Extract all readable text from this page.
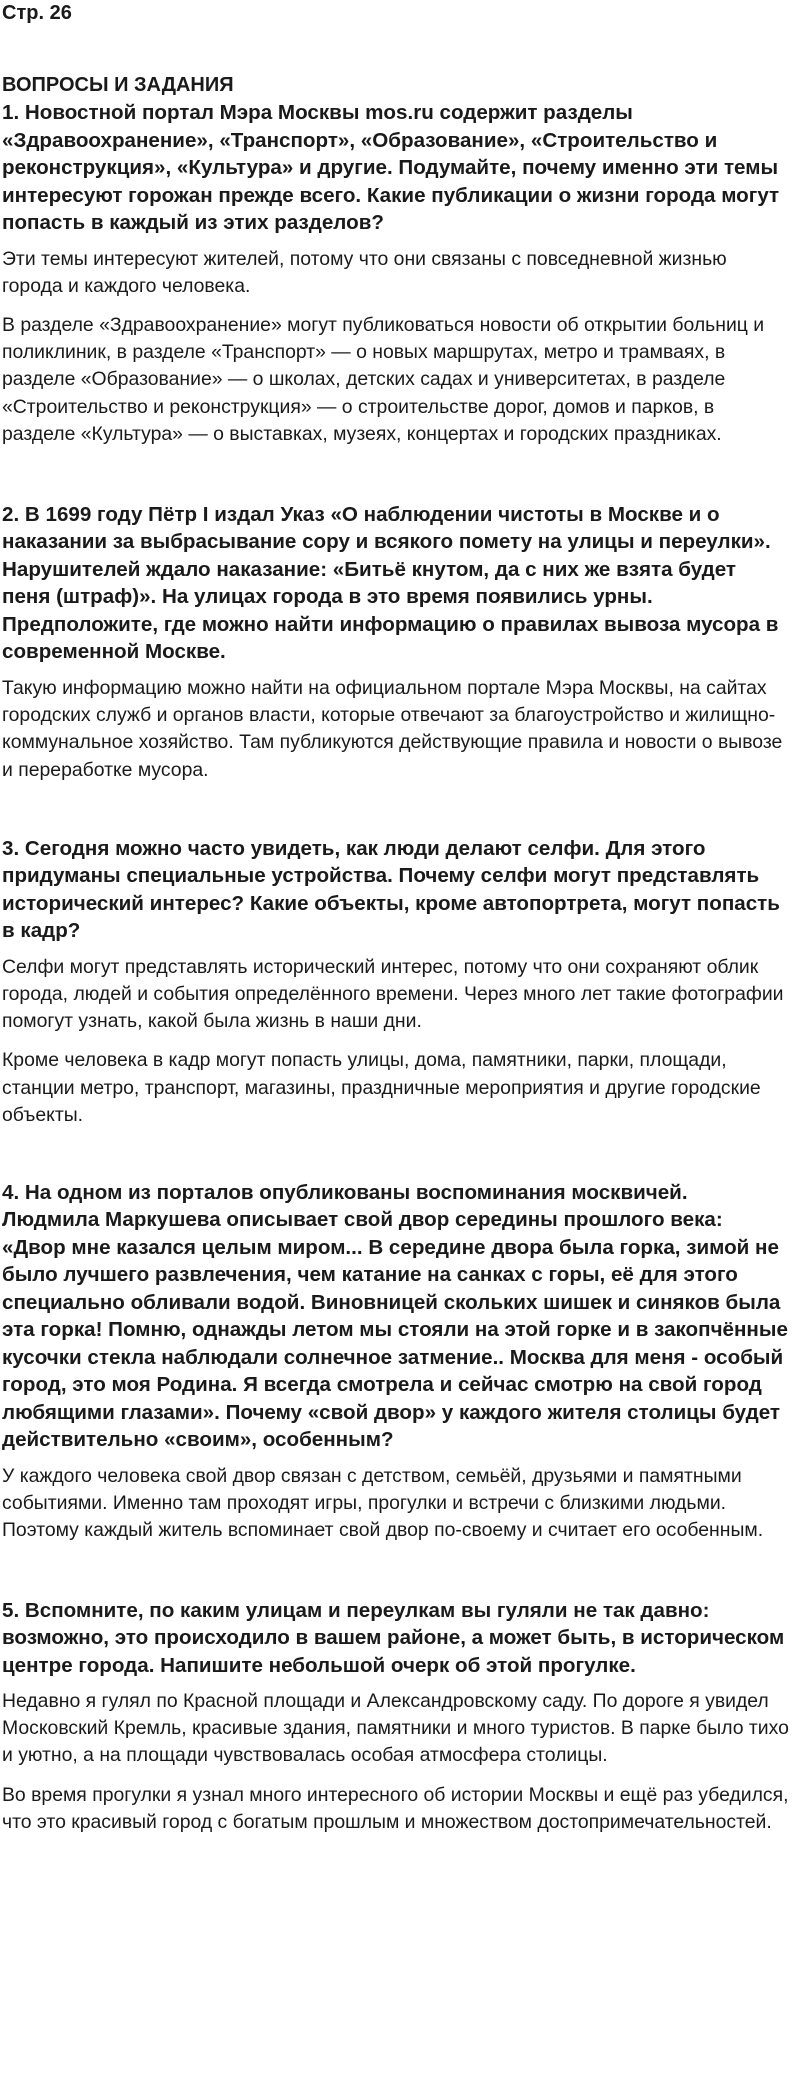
Стр. 26
ВОПРОСЫ И ЗАДАНИЯ

1. Новостной портал Мэра Москвы mos.ru содержит разделы «Здравоохранение», «Транспорт», «Образование», «Строительство и реконструкция», «Культура» и другие. Подумайте, почему именно эти темы интересуют горожан прежде всего. Какие публикации о жизни города могут попасть в каждый из этих разделов?

Эти темы интересуют жителей, потому что они связаны с повседневной жизнью города и каждого человека.

В разделе «Здравоохранение» могут публиковаться новости об открытии больниц и поликлиник, в разделе «Транспорт» — о новых маршрутах, метро и трамваях, в разделе «Образование» — о школах, детских садах и университетах, в разделе «Строительство и реконструкция» — о строительстве дорог, домов и парков, в разделе «Культура» — о выставках, музеях, концертах и городских праздниках.

2. В 1699 году Пётр I издал Указ «О наблюдении чистоты в Москве и о наказании за выбрасывание сору и всякого помету на улицы и переулки». Нарушителей ждало наказание: «Битьё кнутом, да с них же взята будет пеня (штраф)». На улицах города в это время появились урны. Предположите, где можно найти информацию о правилах вывоза мусора в современной Москве.

Такую информацию можно найти на официальном портале Мэра Москвы, на сайтах городских служб и органов власти, которые отвечают за благоустройство и жилищно-коммунальное хозяйство. Там публикуются действующие правила и новости о вывозе и переработке мусора.

3. Сегодня можно часто увидеть, как люди делают селфи. Для этого придуманы специальные устройства. Почему селфи могут представлять исторический интерес? Какие объекты, кроме автопортрета, могут попасть в кадр?

Селфи могут представлять исторический интерес, потому что они сохраняют облик города, людей и события определённого времени. Через много лет такие фотографии помогут узнать, какой была жизнь в наши дни.

Кроме человека в кадр могут попасть улицы, дома, памятники, парки, площади, станции метро, транспорт, магазины, праздничные мероприятия и другие городские объекты.

4. На одном из порталов опубликованы воспоминания москвичей. Людмила Маркушева описывает свой двор середины прошлого века: «Двор мне казался целым миром... В середине двора была горка, зимой не было лучшего развлечения, чем катание на санках с горы, её для этого специально обливали водой. Виновницей скольких шишек и синяков была эта горка! Помню, однажды летом мы стояли на этой горке и в закопчённые кусочки стекла наблюдали солнечное затмение.. Москва для меня - особый город, это моя Родина. Я всегда смотрела и сейчас смотрю на свой город любящими глазами». Почему «свой двор» у каждого жителя столицы будет действительно «своим», особенным?

У каждого человека свой двор связан с детством, семьёй, друзьями и памятными событиями. Именно там проходят игры, прогулки и встречи с близкими людьми. Поэтому каждый житель вспоминает свой двор по-своему и считает его особенным.

5. Вспомните, по каким улицам и переулкам вы гуляли не так давно: возможно, это происходило в вашем районе, а может быть, в историческом центре города. Напишите небольшой очерк об этой прогулке.

Недавно я гулял по Красной площади и Александровскому саду. По дороге я увидел Московский Кремль, красивые здания, памятники и много туристов. В парке было тихо и уютно, а на площади чувствовалась особая атмосфера столицы.

Во время прогулки я узнал много интересного об истории Москвы и ещё раз убедился, что это красивый город с богатым прошлым и множеством достопримечательностей.
